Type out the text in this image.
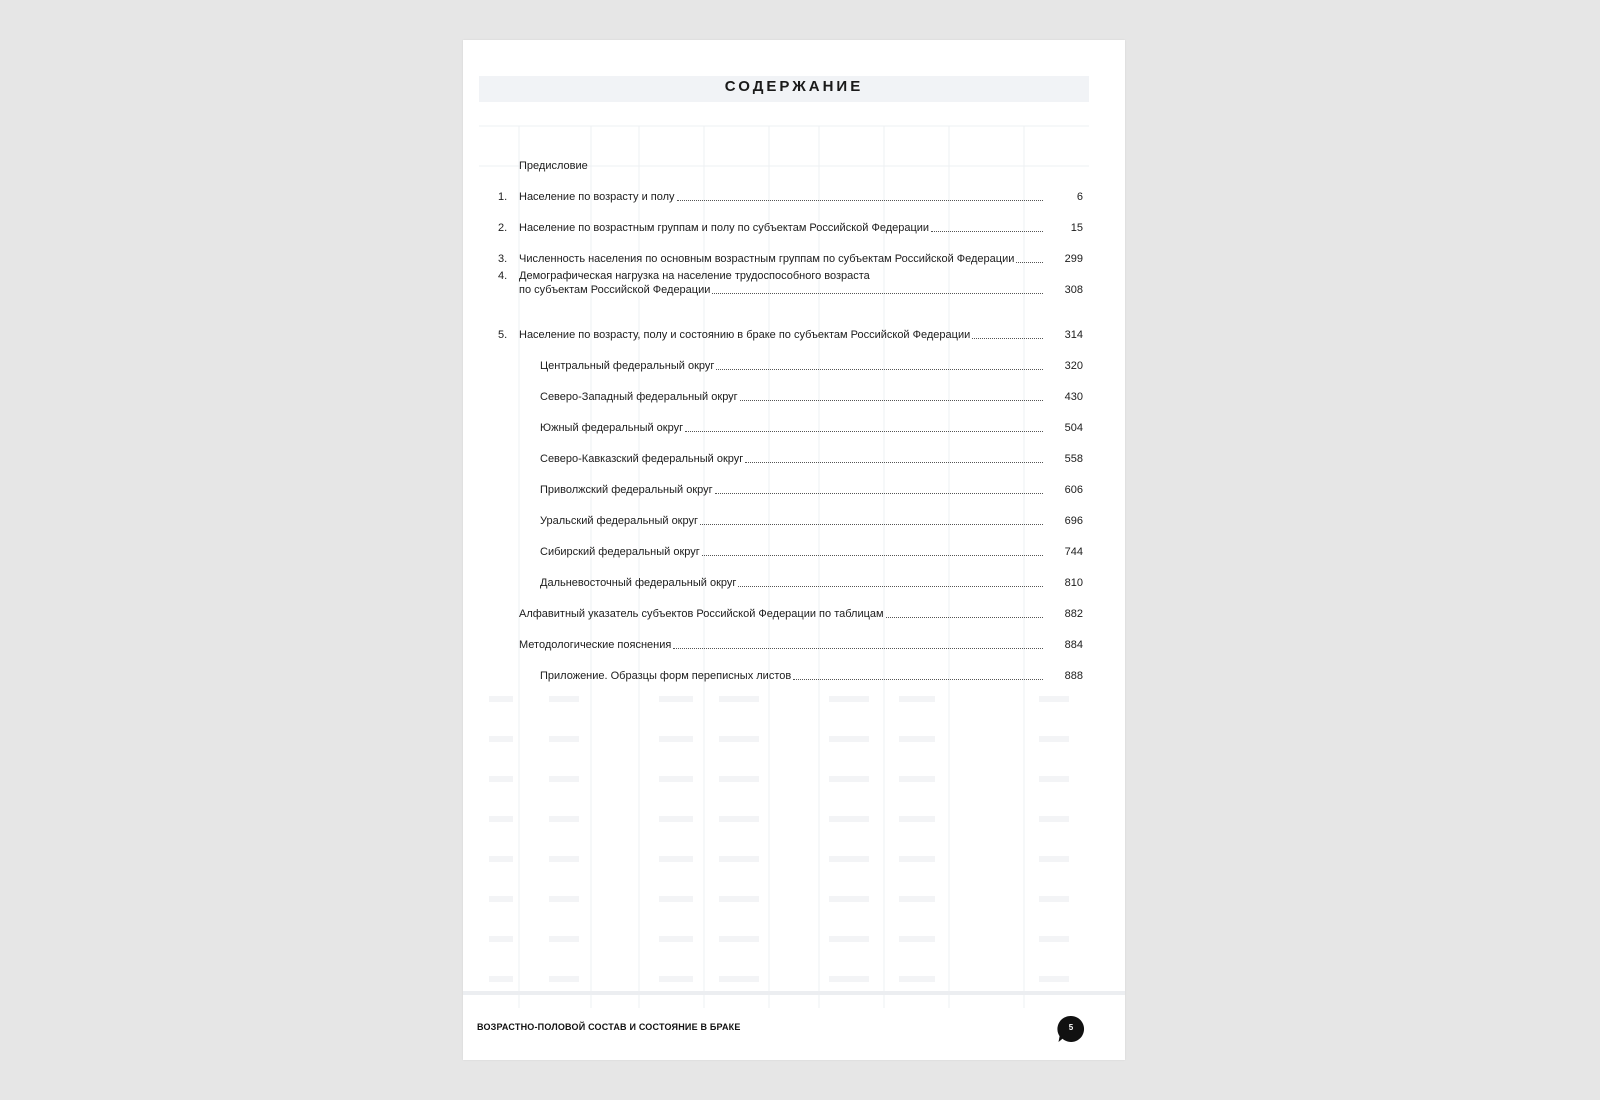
СОДЕРЖАНИЕ
Предисловие
1. Население по возрасту и полу	6
2. Население по возрастным группам и полу по субъектам Российской Федерации	15
3. Численность населения по основным возрастным группам по субъектам Российской Федерации	299
4. Демографическая нагрузка на население трудоспособного возраста
по субъектам Российской Федерации	308
5. Население по возрасту, полу и состоянию в браке по субъектам Российской Федерации	314
Центральный федеральный округ	320
Северо-Западный федеральный округ	430
Южный федеральный округ	504
Северо-Кавказский федеральный округ	558
Приволжский федеральный округ	606
Уральский федеральный округ	696
Сибирский федеральный округ	744
Дальневосточный федеральный округ	810
Алфавитный указатель субъектов Российской Федерации по таблицам	882
Методологические пояснения	884
Приложение. Образцы форм переписных листов	888
ВОЗРАСТНО-ПОЛОВОЙ СОСТАВ И СОСТОЯНИЕ В БРАКЕ	5
